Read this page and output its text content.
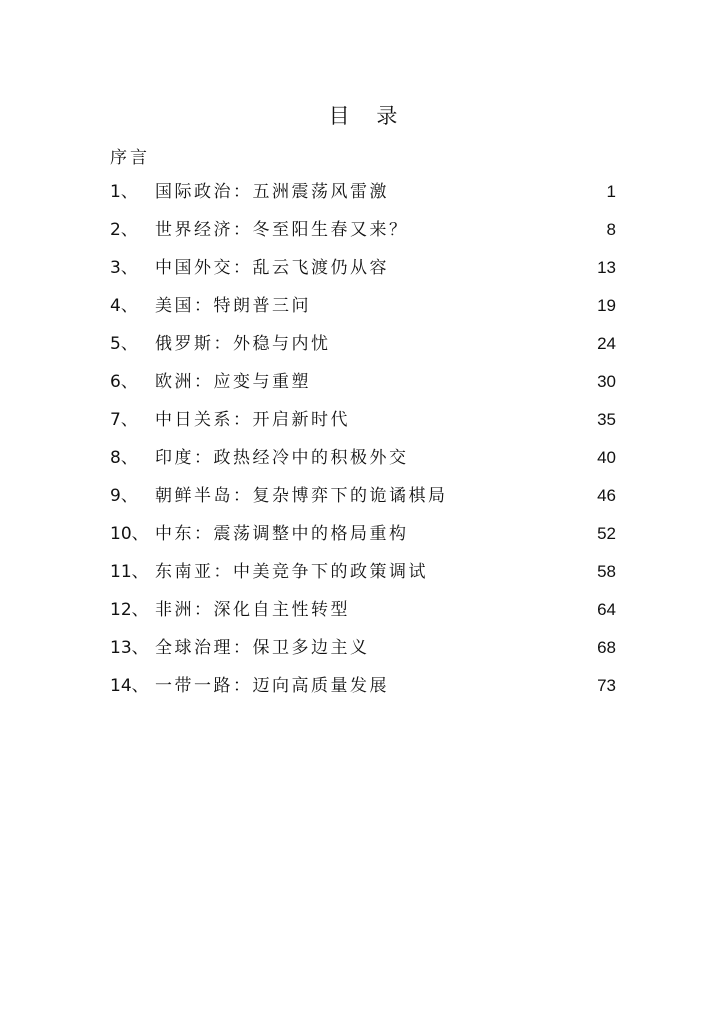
目 录
序言
1、 国际政治：五洲震荡风雷激	1
2、 世界经济：冬至阳生春又来？	8
3、 中国外交：乱云飞渡仍从容	13
4、 美国：特朗普三问	19
5、 俄罗斯：外稳与内忧	24
6、 欧洲：应变与重塑	30
7、 中日关系：开启新时代	35
8、 印度：政热经冷中的积极外交	40
9、 朝鲜半岛：复杂博弈下的诡谲棋局	46
10、 中东：震荡调整中的格局重构	52
11、 东南亚：中美竞争下的政策调试	58
12、 非洲：深化自主性转型	64
13、 全球治理：保卫多边主义	68
14、 一带一路：迈向高质量发展	73
